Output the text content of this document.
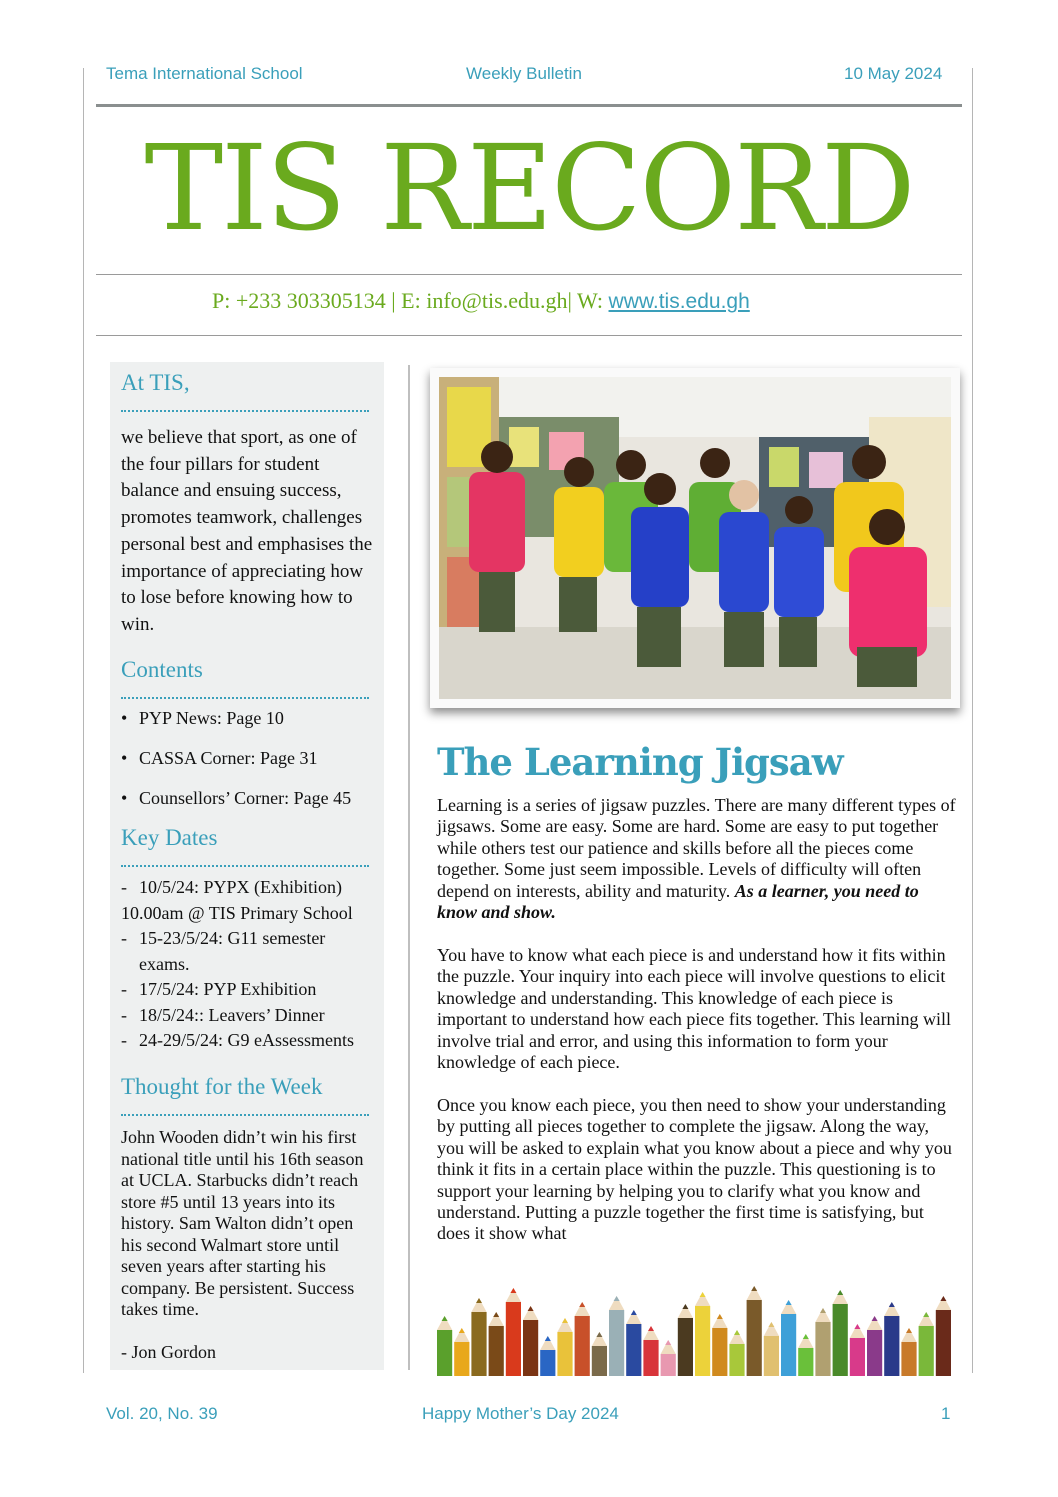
Tema International School	Weekly Bulletin	10 May 2024
TIS RECORD
P: +233 303305134 | E: info@tis.edu.gh| W: www.tis.edu.gh
At TIS,
we believe that sport, as one of the four pillars for student balance and ensuing success, promotes teamwork, challenges personal best and emphasises the importance of appreciating how to lose before knowing how to win.
Contents
• PYP News: Page 10
• CASSA Corner: Page 31
• Counsellors’ Corner: Page 45
Key Dates
- 10/5/24: PYPX (Exhibition)
10.00am @ TIS Primary School
- 15-23/5/24: G11 semester exams.
- 17/5/24: PYP Exhibition
- 18/5/24:: Leavers’ Dinner
- 24-29/5/24: G9 eAssessments
Thought for the Week
John Wooden didn’t win his first national title until his 16th season at UCLA. Starbucks didn’t reach store #5 until 13 years into its history. Sam Walton didn’t open his second Walmart store until seven years after starting his company. Be persistent. Success takes time.
- Jon Gordon
The Learning Jigsaw

Learning is a series of jigsaw puzzles. There are many different types of jigsaws. Some are easy. Some are hard. Some are easy to put together while others test our patience and skills before all the pieces come together. Some just seem impossible. Levels of difficulty will often depend on interests, ability and maturity. As a learner, you need to know and show.

You have to know what each piece is and understand how it fits within the puzzle. Your inquiry into each piece will involve questions to elicit knowledge and understanding. This knowledge of each piece is important to understand how each piece fits together. This learning will involve trial and error, and using this information to form your knowledge of each piece.

Once you know each piece, you then need to show your understanding by putting all pieces together to complete the jigsaw. Along the way, you will be asked to explain what you know about a piece and why you think it fits in a certain place within the puzzle. This questioning is to support your learning by helping you to clarify what you know and understand. Putting a puzzle together the first time is satisfying, but does it show what

Vol. 20, No. 39	Happy Mother’s Day 2024	1
